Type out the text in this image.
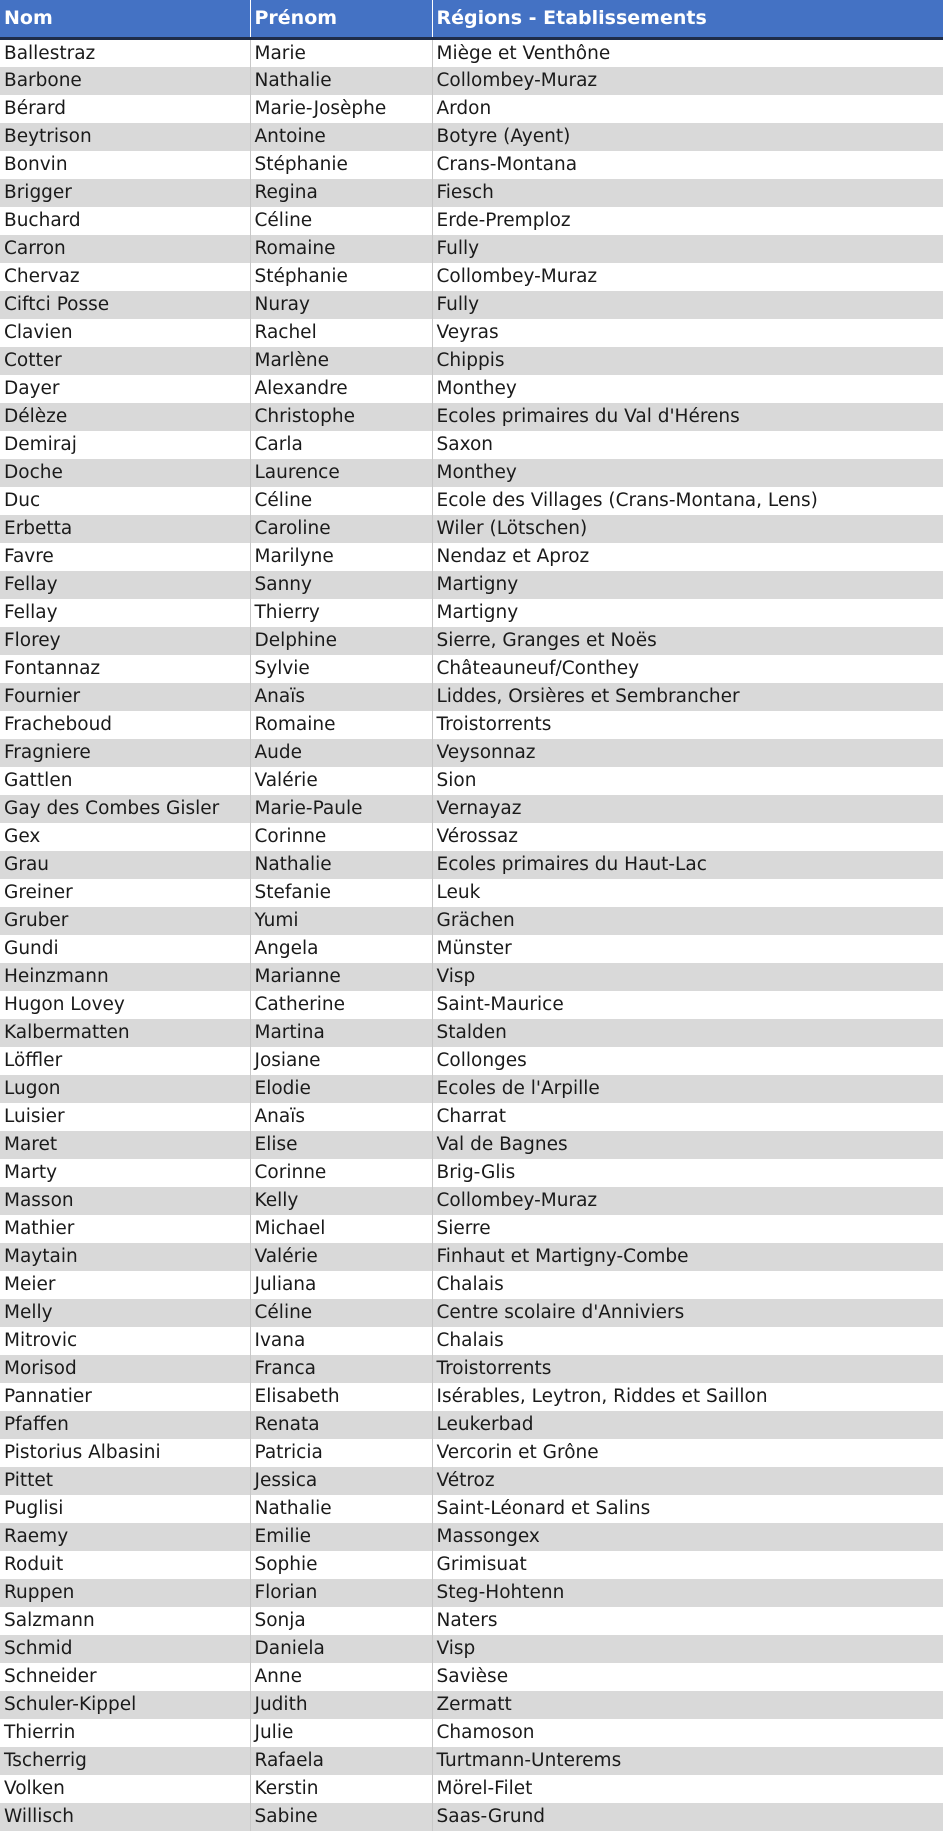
Nom	Prénom	Régions - Etablissements
Ballestraz	Marie	Miège et Venthône
Barbone	Nathalie	Collombey-Muraz
Bérard	Marie-Josèphe	Ardon
Beytrison	Antoine	Botyre (Ayent)
Bonvin	Stéphanie	Crans-Montana
Brigger	Regina	Fiesch
Buchard	Céline	Erde-Premploz
Carron	Romaine	Fully
Chervaz	Stéphanie	Collombey-Muraz
Ciftci Posse	Nuray	Fully
Clavien	Rachel	Veyras
Cotter	Marlène	Chippis
Dayer	Alexandre	Monthey
Délèze	Christophe	Ecoles primaires du Val d'Hérens
Demiraj	Carla	Saxon
Doche	Laurence	Monthey
Duc	Céline	Ecole des Villages (Crans-Montana, Lens)
Erbetta	Caroline	Wiler (Lötschen)
Favre	Marilyne	Nendaz et Aproz
Fellay	Sanny	Martigny
Fellay	Thierry	Martigny
Florey	Delphine	Sierre, Granges et Noës
Fontannaz	Sylvie	Châteauneuf/Conthey
Fournier	Anaïs	Liddes, Orsières et Sembrancher
Fracheboud	Romaine	Troistorrents
Fragniere	Aude	Veysonnaz
Gattlen	Valérie	Sion
Gay des Combes Gisler	Marie-Paule	Vernayaz
Gex	Corinne	Vérossaz
Grau	Nathalie	Ecoles primaires du Haut-Lac
Greiner	Stefanie	Leuk
Gruber	Yumi	Grächen
Gundi	Angela	Münster
Heinzmann	Marianne	Visp
Hugon Lovey	Catherine	Saint-Maurice
Kalbermatten	Martina	Stalden
Löffler	Josiane	Collonges
Lugon	Elodie	Ecoles de l'Arpille
Luisier	Anaïs	Charrat
Maret	Elise	Val de Bagnes
Marty	Corinne	Brig-Glis
Masson	Kelly	Collombey-Muraz
Mathier	Michael	Sierre
Maytain	Valérie	Finhaut et Martigny-Combe
Meier	Juliana	Chalais
Melly	Céline	Centre scolaire d'Anniviers
Mitrovic	Ivana	Chalais
Morisod	Franca	Troistorrents
Pannatier	Elisabeth	Isérables, Leytron, Riddes et Saillon
Pfaffen	Renata	Leukerbad
Pistorius Albasini	Patricia	Vercorin et Grône
Pittet	Jessica	Vétroz
Puglisi	Nathalie	Saint-Léonard et Salins
Raemy	Emilie	Massongex
Roduit	Sophie	Grimisuat
Ruppen	Florian	Steg-Hohtenn
Salzmann	Sonja	Naters
Schmid	Daniela	Visp
Schneider	Anne	Savièse
Schuler-Kippel	Judith	Zermatt
Thierrin	Julie	Chamoson
Tscherrig	Rafaela	Turtmann-Unterems
Volken	Kerstin	Mörel-Filet
Willisch	Sabine	Saas-Grund
